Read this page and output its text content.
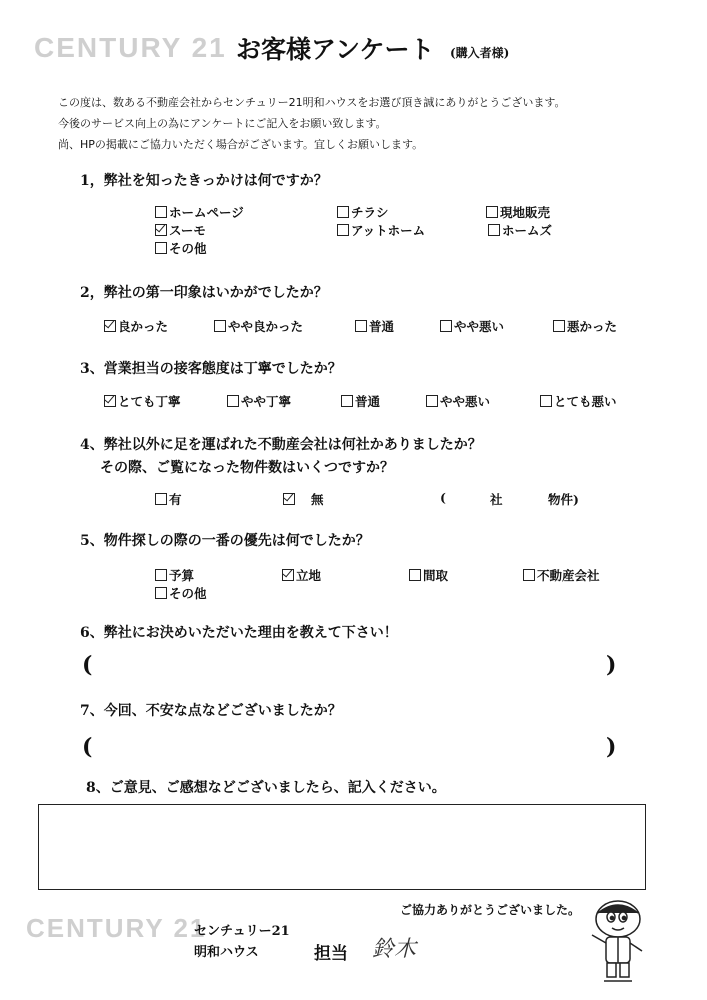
CENTURY 21 お客様アンケート (購入者様)
この度は、数ある不動産会社からセンチュリー21明和ハウスをお選び頂き誠にありがとうございます。
今後のサービス向上の為にアンケートにご記入をお願い致します。
尚、HPの掲載にご協力いただく場合がございます。宜しくお願いします。
1，弊社を知ったきっかけは何ですか？
ホームページ	チラシ	現地販売
スーモ	アットホーム	ホームズ
その他
2，弊社の第一印象はいかがでしたか？
良かった	やや良かった	普通	やや悪い	悪かった
3、営業担当の接客態度は丁寧でしたか？
とても丁寧	やや丁寧	普通	やや悪い	とても悪い
4、弊社以外に足を運ばれた不動産会社は何社かありましたか？
その際、ご覧になった物件数はいくつですか？
有	無	(	社	物件)
5、物件探しの際の一番の優先は何でしたか？
予算	立地	間取	不動産会社
その他
6、弊社にお決めいただいた理由を教えて下さい！
(	)
7、今回、不安な点などございましたか？
(	)
8、ご意見、ご感想などございましたら、記入ください。
ご協力ありがとうございました。
CENTURY 21
センチュリー21
明和ハウス	担当 鈴木
